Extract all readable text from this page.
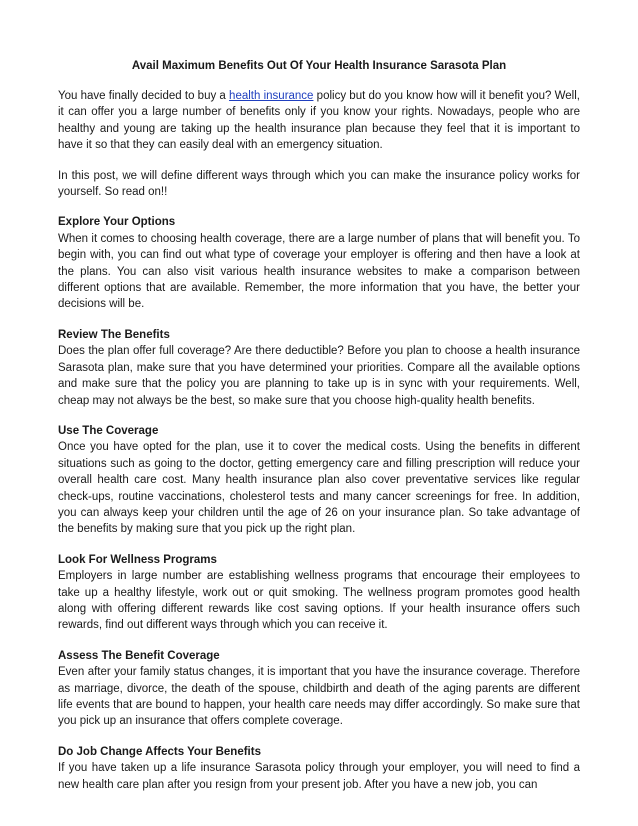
Avail Maximum Benefits Out Of Your Health Insurance Sarasota Plan

You have finally decided to buy a health insurance policy but do you know how will it benefit you? Well, it can offer you a large number of benefits only if you know your rights. Nowadays, people who are healthy and young are taking up the health insurance plan because they feel that it is important to have it so that they can easily deal with an emergency situation.

In this post, we will define different ways through which you can make the insurance policy works for yourself. So read on!!

Explore Your Options
When it comes to choosing health coverage, there are a large number of plans that will benefit you. To begin with, you can find out what type of coverage your employer is offering and then have a look at the plans. You can also visit various health insurance websites to make a comparison between different options that are available. Remember, the more information that you have, the better your decisions will be.

Review The Benefits
Does the plan offer full coverage? Are there deductible? Before you plan to choose a health insurance Sarasota plan, make sure that you have determined your priorities. Compare all the available options and make sure that the policy you are planning to take up is in sync with your requirements. Well, cheap may not always be the best, so make sure that you choose high-quality health benefits.

Use The Coverage
Once you have opted for the plan, use it to cover the medical costs. Using the benefits in different situations such as going to the doctor, getting emergency care and filling prescription will reduce your overall health care cost. Many health insurance plan also cover preventative services like regular check-ups, routine vaccinations, cholesterol tests and many cancer screenings for free. In addition, you can always keep your children until the age of 26 on your insurance plan. So take advantage of the benefits by making sure that you pick up the right plan.

Look For Wellness Programs
Employers in large number are establishing wellness programs that encourage their employees to take up a healthy lifestyle, work out or quit smoking. The wellness program promotes good health along with offering different rewards like cost saving options. If your health insurance offers such rewards, find out different ways through which you can receive it.

Assess The Benefit Coverage
Even after your family status changes, it is important that you have the insurance coverage. Therefore as marriage, divorce, the death of the spouse, childbirth and death of the aging parents are different life events that are bound to happen, your health care needs may differ accordingly. So make sure that you pick up an insurance that offers complete coverage.

Do Job Change Affects Your Benefits
If you have taken up a life insurance Sarasota policy through your employer, you will need to find a new health care plan after you resign from your present job. After you have a new job, you can
